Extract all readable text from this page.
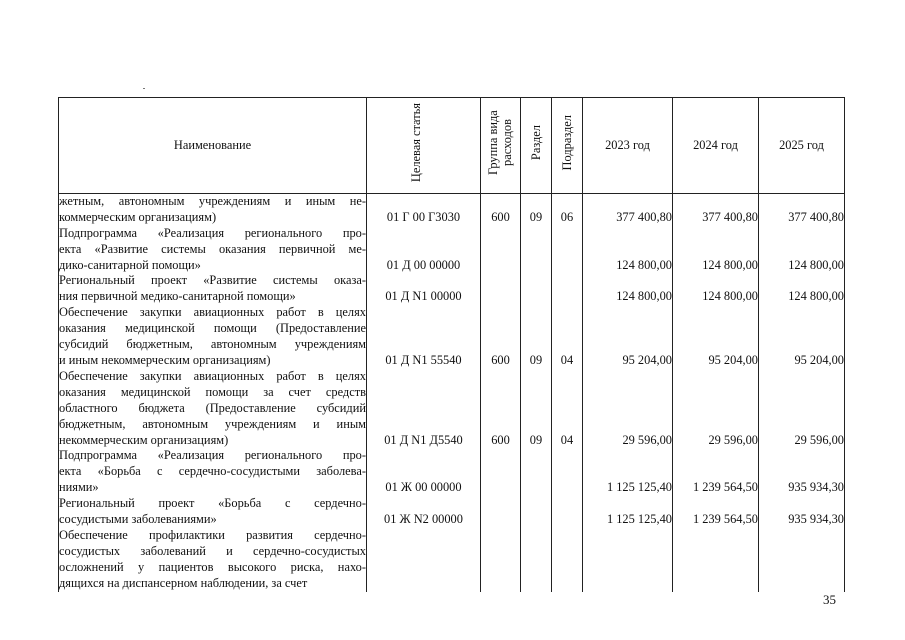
Наименование	Целевая статья	Группа вида расходов	Раздел	Подраздел	2023 год	2024 год	2025 год

жетным, автономным учреждениям и иным не-
коммерческим организациям)	01 Г 00 Г3030	600	09	06	377 400,80	377 400,80	377 400,80

Подпрограмма «Реализация регионального про-
екта «Развитие системы оказания первичной ме-
дико-санитарной помощи»	01 Д 00 00000				124 800,00	124 800,00	124 800,00

Региональный проект «Развитие системы оказа-
ния первичной медико-санитарной помощи»	01 Д N1 00000				124 800,00	124 800,00	124 800,00

Обеспечение закупки авиационных работ в целях
оказания медицинской помощи (Предоставление
субсидий бюджетным, автономным учреждениям
и иным некоммерческим организациям)	01 Д N1 55540	600	09	04	95 204,00	95 204,00	95 204,00

Обеспечение закупки авиационных работ в целях
оказания медицинской помощи за счет средств
областного бюджета (Предоставление субсидий
бюджетным, автономным учреждениям и иным
некоммерческим организациям)	01 Д N1 Д5540	600	09	04	29 596,00	29 596,00	29 596,00

Подпрограмма «Реализация регионального про-
екта «Борьба с сердечно-сосудистыми заболева-
ниями»	01 Ж 00 00000				1 125 125,40	1 239 564,50	935 934,30

Региональный проект «Борьба с сердечно-
сосудистыми заболеваниями»	01 Ж N2 00000				1 125 125,40	1 239 564,50	935 934,30

Обеспечение профилактики развития сердечно-
сосудистых заболеваний и сердечно-сосудистых
осложнений у пациентов высокого риска, нахо-
дящихся на диспансерном наблюдении, за счет							

35
